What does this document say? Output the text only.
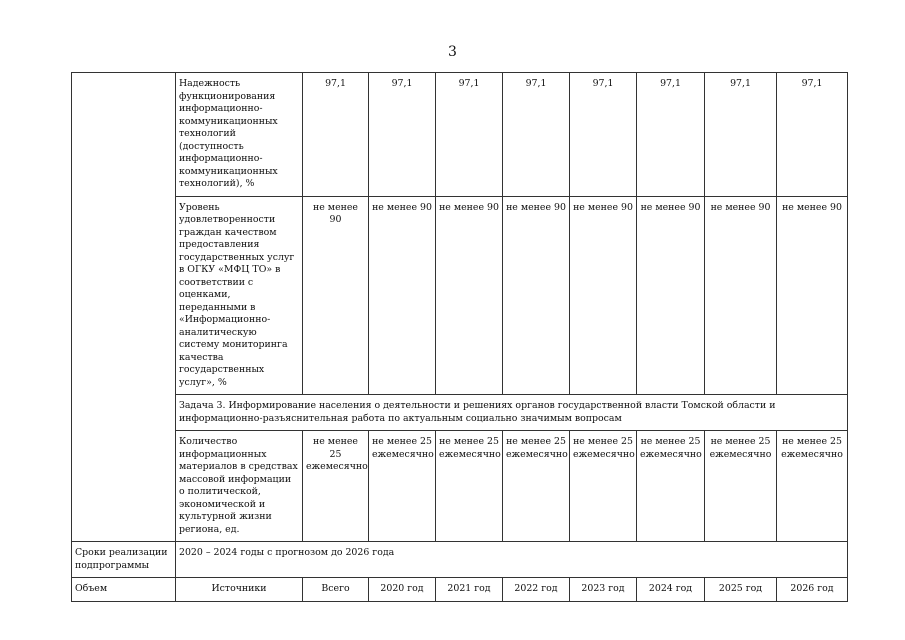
3
	Надежность функционирования информационно-коммуникационных технологий (доступность информационно-коммуникационных технологий), %	97,1	97,1	97,1	97,1	97,1	97,1	97,1	97,1
	Уровень удовлетворенности граждан качеством предоставления государственных услуг в ОГКУ «МФЦ ТО» в соответствии с оценками, переданными в «Информационно-аналитическую систему мониторинга качества государственных услуг», %	не менее 90	не менее 90	не менее 90	не менее 90	не менее 90	не менее 90	не менее 90	не менее 90
	Задача 3. Информирование населения о деятельности и решениях органов государственной власти Томской области и информационно-разъяснительная работа по актуальным социально значимым вопросам								
	Количество информационных материалов в средствах массовой информации о политической, экономической и культурной жизни региона, ед.	не менее 25 ежемесячно	не менее 25 ежемесячно	не менее 25 ежемесячно	не менее 25 ежемесячно	не менее 25 ежемесячно	не менее 25 ежемесячно	не менее 25 ежемесячно	не менее 25 ежемесячно
Сроки реализации подпрограммы	2020 – 2024 годы с прогнозом до 2026 года								
Объем	Источники	Всего	2020 год	2021 год	2022 год	2023 год	2024 год	2025 год	2026 год
